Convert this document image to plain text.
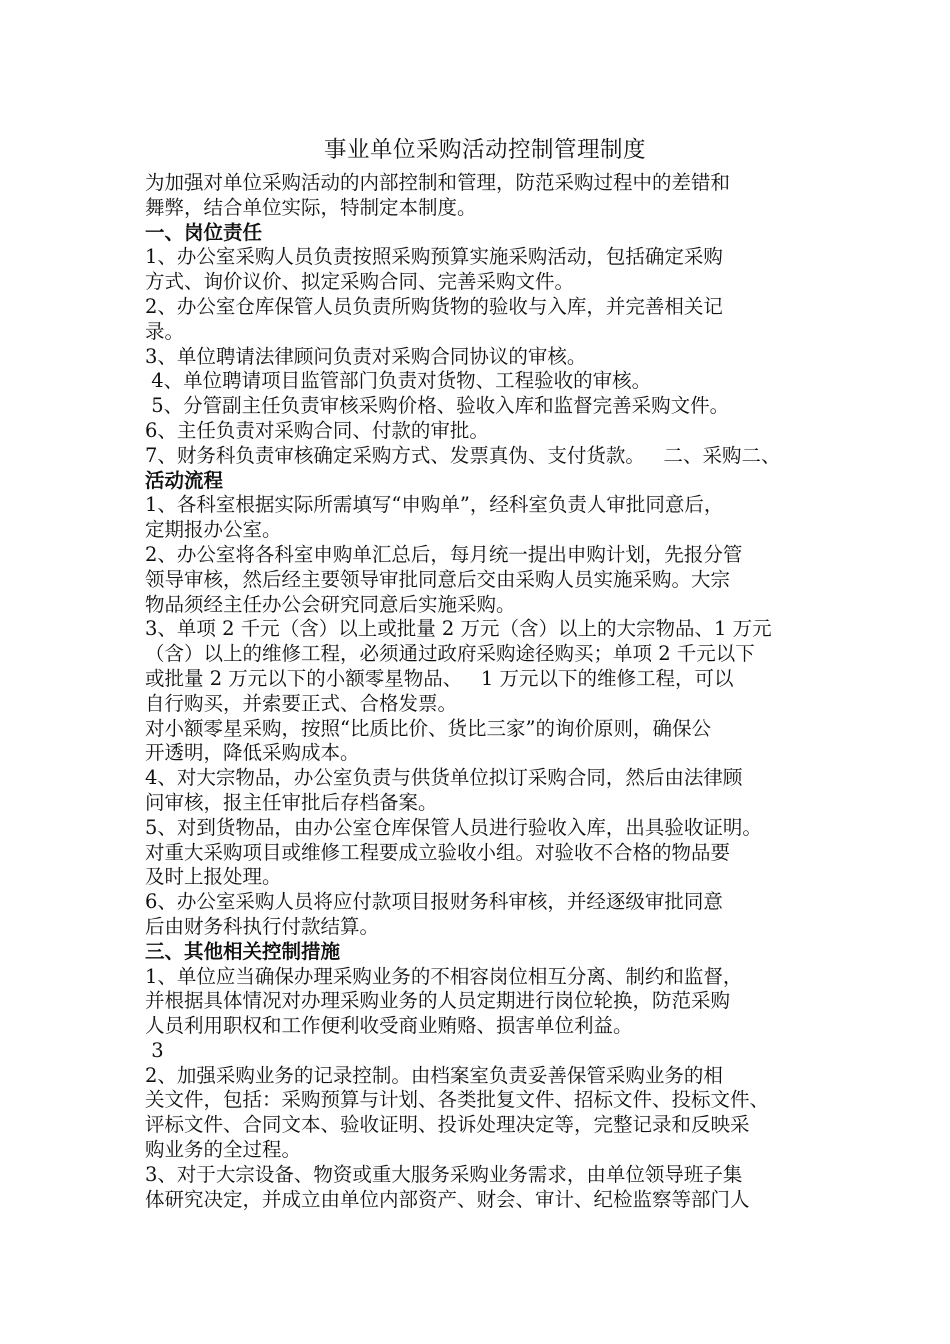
事业单位采购活动控制管理制度

为加强对单位采购活动的内部控制和管理，防范采购过程中的差错和

舞弊，结合单位实际，特制定本制度。

一、岗位责任

1、办公室采购人员负责按照采购预算实施采购活动，包括确定采购

方式、询价议价、拟定采购合同、完善采购文件。

2、办公室仓库保管人员负责所购货物的验收与入库，并完善相关记

录。

3、单位聘请法律顾问负责对采购合同协议的审核。

4、单位聘请项目监管部门负责对货物、工程验收的审核。

5、分管副主任负责审核采购价格、验收入库和监督完善采购文件。

6、主任负责对采购合同、付款的审批。

7、财务科负责审核确定采购方式、发票真伪、支付货款。   二、采购二、

活动流程

1、各科室根据实际所需填写“申购单”，经科室负责人审批同意后，

定期报办公室。

2、办公室将各科室申购单汇总后，每月统一提出申购计划，先报分管

领导审核，然后经主要领导审批同意后交由采购人员实施采购。大宗

物品须经主任办公会研究同意后实施采购。

3、单项 2 千元（含）以上或批量 2 万元（含）以上的大宗物品、1 万元

（含）以上的维修工程，必须通过政府采购途径购买；单项 2 千元以下

或批量 2 万元以下的小额零星物品、   1 万元以下的维修工程，可以

自行购买，并索要正式、合格发票。

对小额零星采购，按照“比质比价、货比三家”的询价原则，确保公

开透明，降低采购成本。

4、对大宗物品，办公室负责与供货单位拟订采购合同，然后由法律顾

问审核，报主任审批后存档备案。

5、对到货物品，由办公室仓库保管人员进行验收入库，出具验收证明。

对重大采购项目或维修工程要成立验收小组。对验收不合格的物品要

及时上报处理。

6、办公室采购人员将应付款项目报财务科审核，并经逐级审批同意

后由财务科执行付款结算。

三、其他相关控制措施

1、单位应当确保办理采购业务的不相容岗位相互分离、制约和监督，

并根据具体情况对办理采购业务的人员定期进行岗位轮换，防范采购

人员利用职权和工作便利收受商业贿赂、损害单位利益。

3

2、加强采购业务的记录控制。由档案室负责妥善保管采购业务的相

关文件，包括：采购预算与计划、各类批复文件、招标文件、投标文件、

评标文件、合同文本、验收证明、投诉处理决定等，完整记录和反映采

购业务的全过程。

3、对于大宗设备、物资或重大服务采购业务需求，由单位领导班子集

体研究决定，并成立由单位内部资产、财会、审计、纪检监察等部门人
